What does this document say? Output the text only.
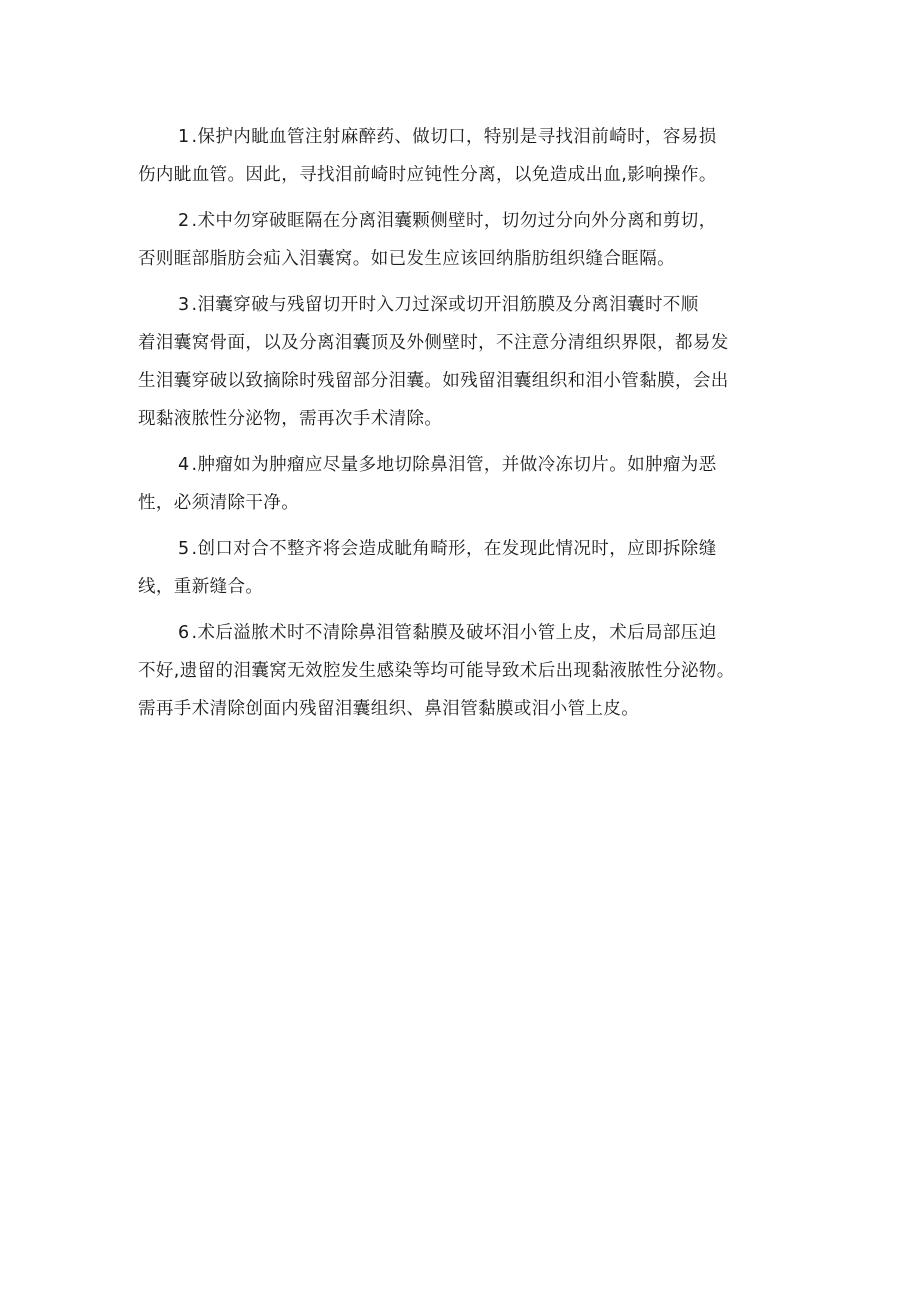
1 .保护内眦血管注射麻醉药、做切口，特别是寻找泪前崎时，容易损
伤内眦血管。因此，寻找泪前崎时应钝性分离，以免造成出血,影响操作。

2 .术中勿穿破眶隔在分离泪囊颗侧壁时，切勿过分向外分离和剪切，
否则眶部脂肪会疝入泪囊窝。如已发生应该回纳脂肪组织缝合眶隔。

3 .泪囊穿破与残留切开时入刀过深或切开泪筋膜及分离泪囊时不顺
着泪囊窝骨面，以及分离泪囊顶及外侧壁时，不注意分清组织界限，都易发
生泪囊穿破以致摘除时残留部分泪囊。如残留泪囊组织和泪小管黏膜，会出
现黏液脓性分泌物，需再次手术清除。

4 .肿瘤如为肿瘤应尽量多地切除鼻泪管，并做冷冻切片。如肿瘤为恶
性，必须清除干净。

5 .创口对合不整齐将会造成眦角畸形，在发现此情况时，应即拆除缝
线，重新缝合。

6 .术后溢脓术时不清除鼻泪管黏膜及破坏泪小管上皮，术后局部压迫
不好,遗留的泪囊窝无效腔发生感染等均可能导致术后出现黏液脓性分泌物。
需再手术清除创面内残留泪囊组织、鼻泪管黏膜或泪小管上皮。
